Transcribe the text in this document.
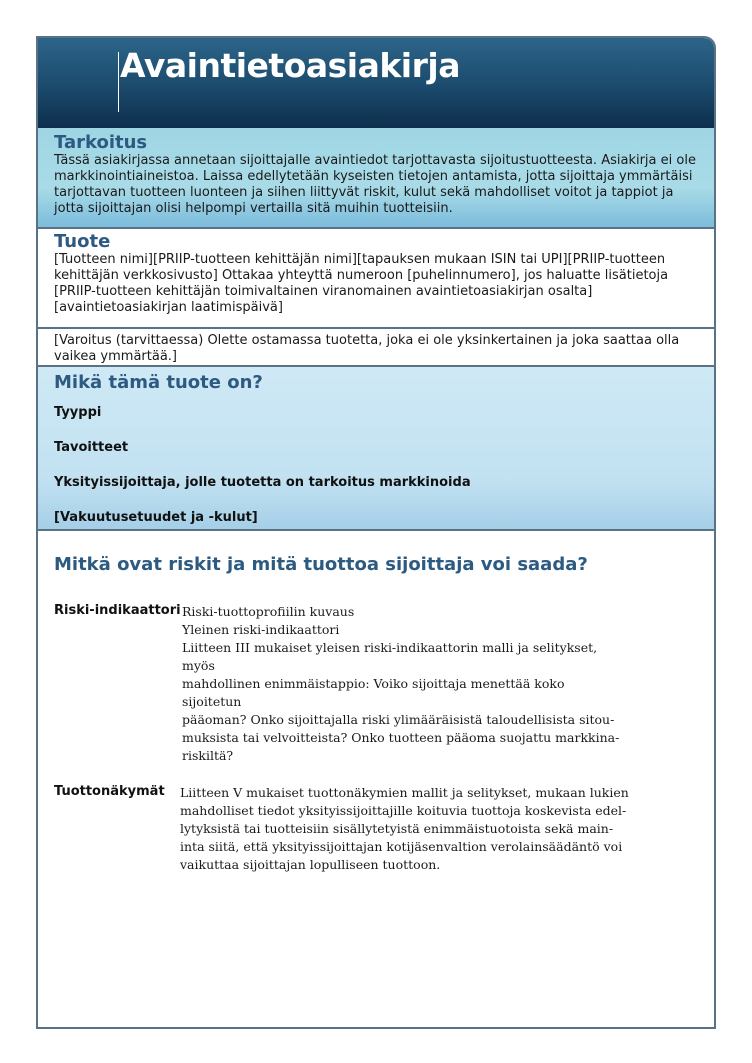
Avaintietoasiakirja
Tarkoitus

Tässä asiakirjassa annetaan sijoittajalle avaintiedot tarjottavasta sijoitustuotteesta. Asiakirja ei ole markkinointiaineistoa. Laissa edellytetään kyseisten tietojen antamista, jotta sijoittaja ymmärtäisi tarjottavan tuotteen luonteen ja siihen liittyvät riskit, kulut sekä mahdolliset voitot ja tappiot ja jotta sijoittajan olisi helpompi vertailla sitä muihin tuotteisiin.

Tuote

[Tuotteen nimi][PRIIP-tuotteen kehittäjän nimi][tapauksen mukaan ISIN tai UPI][PRIIP-tuotteen kehittäjän verkkosivusto] Ottakaa yhteyttä numeroon [puhelinnumero], jos haluatte lisätietoja [PRIIP-tuotteen kehittäjän toimivaltainen viranomainen avaintietoasiakirjan osalta] [avaintietoasiakirjan laatimispäivä]

[Varoitus (tarvittaessa) Olette ostamassa tuotetta, joka ei ole yksinkertainen ja joka saattaa olla vaikea ymmärtää.]

Mikä tämä tuote on?
Tyyppi
Tavoitteet
Yksityissijoittaja, jolle tuotetta on tarkoitus markkinoida
[Vakuutusetuudet ja -kulut]
Mitkä ovat riskit ja mitä tuottoa sijoittaja voi saada?
Riski-indikaattori Riski-tuottoprofiilin kuvaus
Yleinen riski-indikaattori
Liitteen III mukaiset yleisen riski-indikaattorin malli ja selitykset, myös
mahdollinen enimmäistappio: Voiko sijoittaja menettää koko sijoitetun
pääoman? Onko sijoittajalla riski ylimääräisistä taloudellisista sitou-
muksista tai velvoitteista? Onko tuotteen pääoma suojattu markkina-
riskiltä?
Tuottonäkymät Liitteen V mukaiset tuottonäkymien mallit ja selitykset, mukaan lukien
mahdolliset tiedot yksityissijoittajille koituvia tuottoja koskevista edel-
lytyksistä tai tuotteisiin sisällytetyistä enimmäistuotoista sekä main-
inta siitä, että yksityissijoittajan kotijäsenvaltion verolainsäädäntö voi
vaikuttaa sijoittajan lopulliseen tuottoon.
